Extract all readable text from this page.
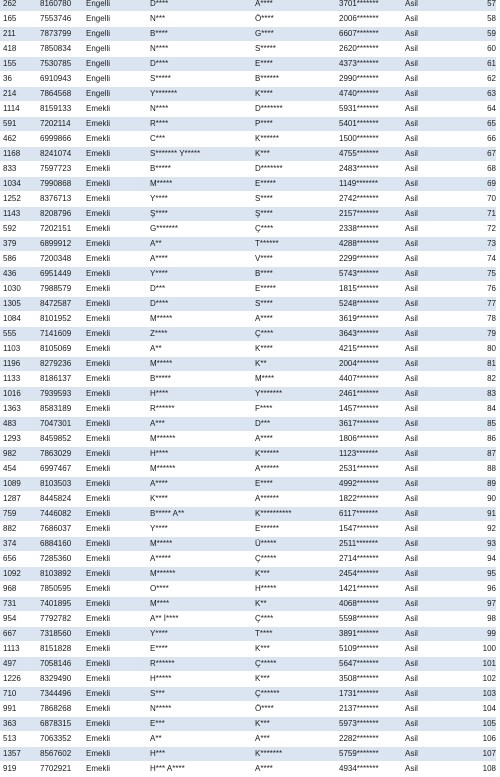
262	8160780	Engelli	D****	A****	3701*******	Asil	57
165	7553746	Engelli	N***	Ö****	2006*******	Asil	58
211	7873799	Engelli	B****	G****	6607*******	Asil	59
418	7850834	Engelli	N****	S*****	2620*******	Asil	60
155	7530785	Engelli	D****	E****	4373*******	Asil	61
36	6910943	Engelli	S*****	B******	2990*******	Asil	62
214	7864568	Engelli	Y*******	K****	4740*******	Asil	63
1114	8159133	Emekli	N****	D*******	5931*******	Asil	64
591	7202114	Emekli	R****	P****	5401*******	Asil	65
462	6999866	Emekli	C***	K******	1500*******	Asil	66
1168	8241074	Emekli	S******* Y*****	K***	4755*******	Asil	67
833	7597723	Emekli	B*****	D*******	2483*******	Asil	68
1034	7990868	Emekli	M*****	E*****	1149*******	Asil	69
1252	8376713	Emekli	Y****	S****	2742*******	Asil	70
1143	8208796	Emekli	Ş****	Ş****	2157*******	Asil	71
592	7202151	Emekli	G*******	Ç****	2338*******	Asil	72
379	6899912	Emekli	A**	T******	4288*******	Asil	73
586	7200348	Emekli	A****	V****	2299*******	Asil	74
436	6951449	Emekli	Y****	B****	5743*******	Asil	75
1030	7988579	Emekli	D***	E*****	1815*******	Asil	76
1305	8472587	Emekli	D****	S****	5248*******	Asil	77
1084	8101952	Emekli	M*****	A****	3619*******	Asil	78
555	7141609	Emekli	Z****	Ç****	3643*******	Asil	79
1103	8105069	Emekli	A**	K****	4215*******	Asil	80
1196	8279236	Emekli	M*****	K**	2004*******	Asil	81
1133	8186137	Emekli	B*****	M****	4407*******	Asil	82
1016	7939593	Emekli	H****	Y*******	2461*******	Asil	83
1363	8583189	Emekli	R******	F****	1457*******	Asil	84
483	7047301	Emekli	A***	D***	3617*******	Asil	85
1293	8459852	Emekli	M******	A****	1806*******	Asil	86
982	7863029	Emekli	H****	K******	1123*******	Asil	87
454	6997467	Emekli	M******	A******	2531*******	Asil	88
1089	8103503	Emekli	A****	E****	4992*******	Asil	89
1287	8445824	Emekli	K****	A******	1822*******	Asil	90
759	7446082	Emekli	B***** A**	K**********	6117*******	Asil	91
882	7686037	Emekli	Y****	E******	1547*******	Asil	92
374	6884160	Emekli	M*****	Ü*****	2511*******	Asil	93
656	7285360	Emekli	A*****	Ç*****	2714*******	Asil	94
1092	8103892	Emekli	M******	K***	2454*******	Asil	95
968	7850595	Emekli	O****	H*****	1421*******	Asil	96
731	7401895	Emekli	M****	K**	4068*******	Asil	97
954	7792782	Emekli	A** İ****	Ç****	5598*******	Asil	98
667	7318560	Emekli	Y****	T****	3891*******	Asil	99
1113	8151828	Emekli	E****	K***	5109*******	Asil	100
497	7058146	Emekli	R******	Ç*****	5647*******	Asil	101
1226	8329490	Emekli	H*****	K***	3508*******	Asil	102
710	7344496	Emekli	S***	Ç******	1731*******	Asil	103
991	7868268	Emekli	N*****	Ö****	2137*******	Asil	104
363	6878315	Emekli	E***	K***	5973*******	Asil	105
513	7063352	Emekli	A**	A***	2282*******	Asil	106
1357	8567602	Emekli	H***	K*******	5759*******	Asil	107
919	7702921	Emekli	H*** A****	A****	4934*******	Asil	108
